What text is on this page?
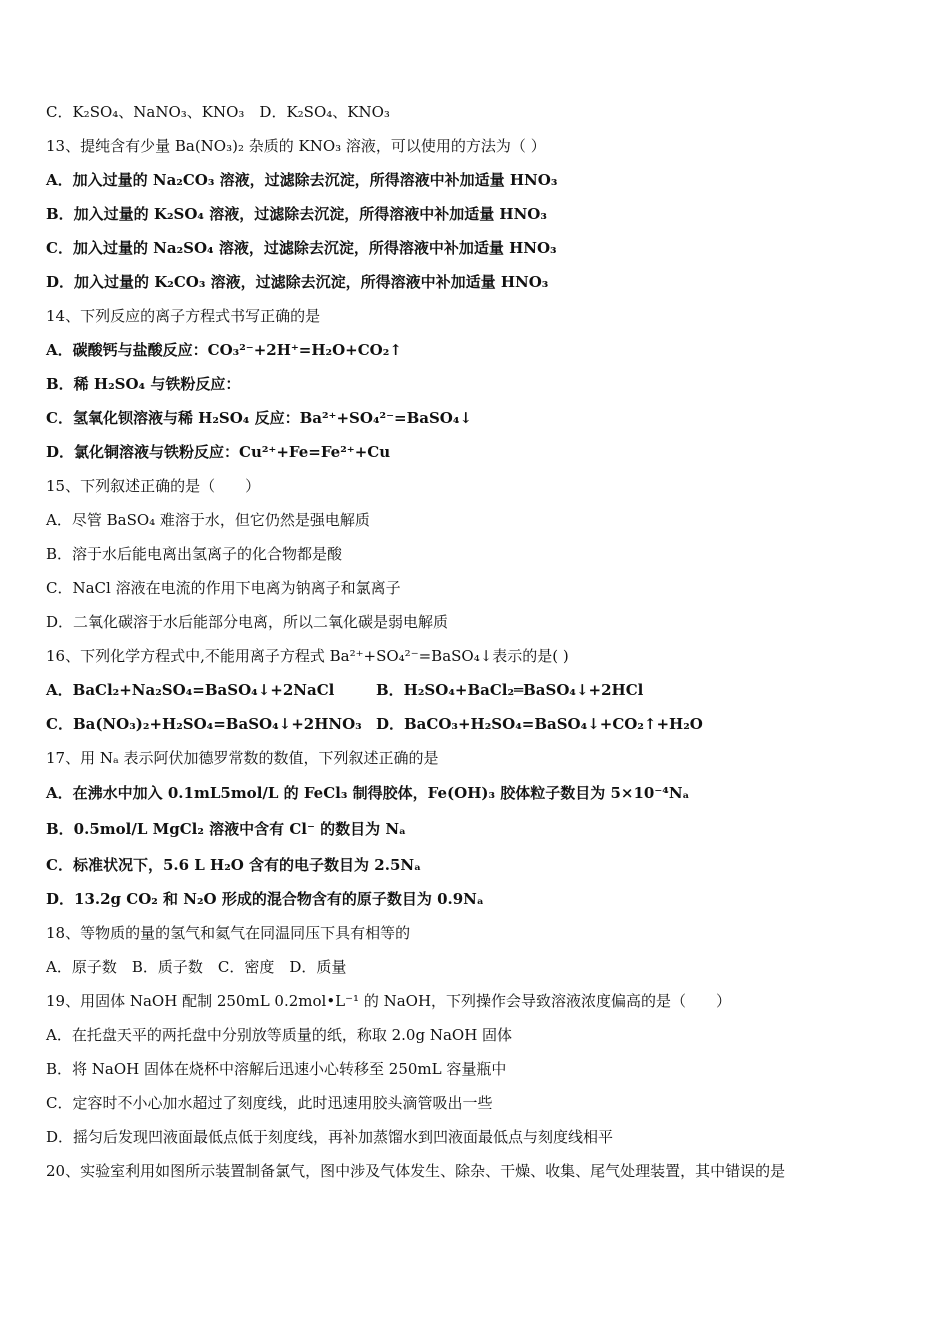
C．K₂SO₄、NaNO₃、KNO₃　D．K₂SO₄、KNO₃
13、提纯含有少量 Ba(NO₃)₂ 杂质的 KNO₃ 溶液，可以使用的方法为（ ）
A．加入过量的 Na₂CO₃ 溶液，过滤除去沉淀，所得溶液中补加适量 HNO₃
B．加入过量的 K₂SO₄ 溶液，过滤除去沉淀，所得溶液中补加适量 HNO₃
C．加入过量的 Na₂SO₄ 溶液，过滤除去沉淀，所得溶液中补加适量 HNO₃
D．加入过量的 K₂CO₃ 溶液，过滤除去沉淀，所得溶液中补加适量 HNO₃
14、下列反应的离子方程式书写正确的是
A．碳酸钙与盐酸反应：CO₃²⁻+2H⁺=H₂O+CO₂↑
B．稀 H₂SO₄ 与铁粉反应：
C．氢氧化钡溶液与稀 H₂SO₄ 反应：Ba²⁺+SO₄²⁻=BaSO₄↓
D．氯化铜溶液与铁粉反应：Cu²⁺+Fe=Fe²⁺+Cu
15、下列叙述正确的是（　　）
A．尽管 BaSO₄ 难溶于水，但它仍然是强电解质
B．溶于水后能电离出氢离子的化合物都是酸
C．NaCl 溶液在电流的作用下电离为钠离子和氯离子
D．二氧化碳溶于水后能部分电离，所以二氧化碳是弱电解质
16、下列化学方程式中,不能用离子方程式 Ba²⁺+SO₄²⁻=BaSO₄↓表示的是( )
A．BaCl₂+Na₂SO₄=BaSO₄↓+2NaCl	B．H₂SO₄+BaCl₂═BaSO₄↓+2HCl
C．Ba(NO₃)₂+H₂SO₄=BaSO₄↓+2HNO₃ D．BaCO₃+H₂SO₄=BaSO₄↓+CO₂↑+H₂O
17、用 Nₐ 表示阿伏加德罗常数的数值，下列叙述正确的是
A．在沸水中加入 0.1mL5mol/L 的 FeCl₃ 制得胶体，Fe(OH)₃ 胶体粒子数目为 5×10⁻⁴Nₐ
B．0.5mol/L MgCl₂ 溶液中含有 Cl⁻ 的数目为 Nₐ
C．标准状况下，5.6 L H₂O 含有的电子数目为 2.5Nₐ
D．13.2g CO₂ 和 N₂O 形成的混合物含有的原子数目为 0.9Nₐ
18、等物质的量的氢气和氦气在同温同压下具有相等的
A．原子数　B．质子数　C．密度　D．质量
19、用固体 NaOH 配制 250mL 0.2mol•L⁻¹ 的 NaOH，下列操作会导致溶液浓度偏高的是（　　）
A．在托盘天平的两托盘中分别放等质量的纸，称取 2.0g NaOH 固体
B．将 NaOH 固体在烧杯中溶解后迅速小心转移至 250mL 容量瓶中
C．定容时不小心加水超过了刻度线，此时迅速用胶头滴管吸出一些
D．摇匀后发现凹液面最低点低于刻度线，再补加蒸馏水到凹液面最低点与刻度线相平
20、实验室利用如图所示装置制备氯气，图中涉及气体发生、除杂、干燥、收集、尾气处理装置，其中错误的是
